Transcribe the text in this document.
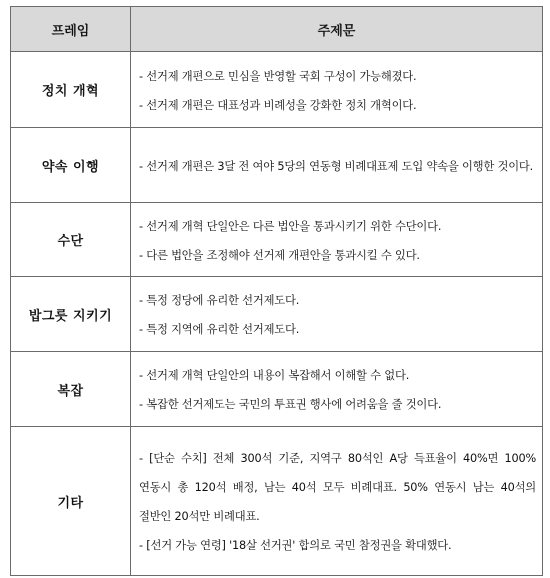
프레임	주제문
정치 개혁	- 선거제 개편으로 민심을 반영할 국회 구성이 가능해졌다.
- 선거제 개편은 대표성과 비례성을 강화한 정치 개혁이다.

약속 이행	- 선거제 개편은 3달 전 여야 5당의 연동형 비례대표제 도입 약속을 이행한 것이다.

수단	- 선거제 개혁 단일안은 다른 법안을 통과시키기 위한 수단이다.
- 다른 법안을 조정해야 선거제 개편안을 통과시킬 수 있다.

밥그릇 지키기	- 특정 정당에 유리한 선거제도다.
- 특정 지역에 유리한 선거제도다.

복잡	- 선거제 개혁 단일안의 내용이 복잡해서 이해할 수 없다.
- 복잡한 선거제도는 국민의 투표권 행사에 어려움을 줄 것이다.

기타	- [단순 수치] 전체 300석 기준, 지역구 80석인 A당 득표율이 40%면 100% 연동시 총 120석 배정, 남는 40석 모두 비례대표. 50% 연동시 남는 40석의 절반인 20석만 비례대표.
- [선거 가능 연령] '18살 선거권' 합의로 국민 참정권을 확대했다.
